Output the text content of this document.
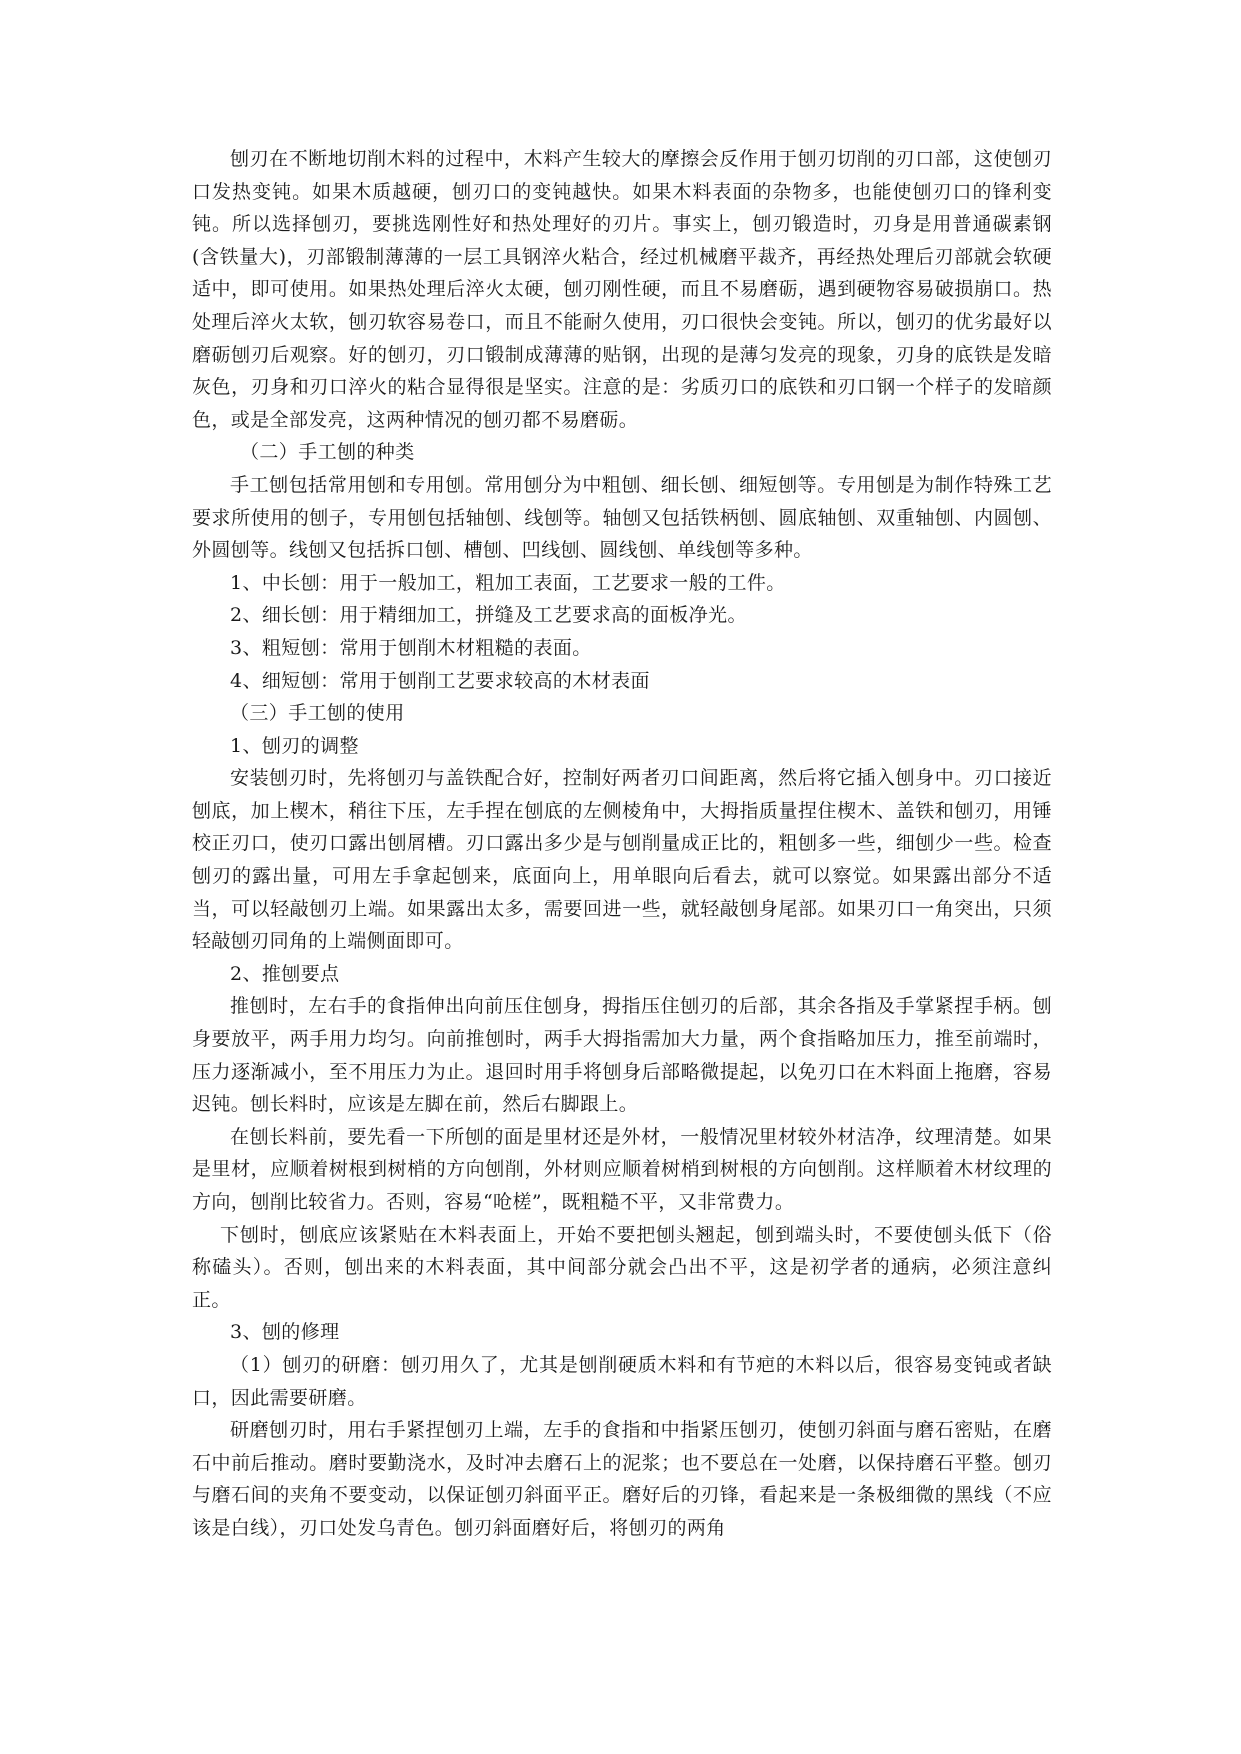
刨刃在不断地切削木料的过程中，木料产生较大的摩擦会反作用于刨刃切削的刃口部，这使刨刃口发热变钝。如果木质越硬，刨刃口的变钝越快。如果木料表面的杂物多，也能使刨刃口的锋利变钝。所以选择刨刃，要挑选刚性好和热处理好的刃片。事实上，刨刃锻造时，刃身是用普通碳素钢(含铁量大)，刃部锻制薄薄的一层工具钢淬火粘合，经过机械磨平裁齐，再经热处理后刃部就会软硬适中，即可使用。如果热处理后淬火太硬，刨刃刚性硬，而且不易磨砺，遇到硬物容易破损崩口。热处理后淬火太软，刨刃软容易卷口，而且不能耐久使用，刃口很快会变钝。所以，刨刃的优劣最好以磨砺刨刃后观察。好的刨刃，刃口锻制成薄薄的贴钢，出现的是薄匀发亮的现象，刃身的底铁是发暗灰色，刃身和刃口淬火的粘合显得很是坚实。注意的是：劣质刃口的底铁和刃口钢一个样子的发暗颜色，或是全部发亮，这两种情况的刨刃都不易磨砺。

（二）手工刨的种类

手工刨包括常用刨和专用刨。常用刨分为中粗刨、细长刨、细短刨等。专用刨是为制作特殊工艺要求所使用的刨子，专用刨包括轴刨、线刨等。轴刨又包括铁柄刨、圆底轴刨、双重轴刨、内圆刨、外圆刨等。线刨又包括拆口刨、槽刨、凹线刨、圆线刨、单线刨等多种。

1、中长刨：用于一般加工，粗加工表面，工艺要求一般的工件。

2、细长刨：用于精细加工，拼缝及工艺要求高的面板净光。

3、粗短刨：常用于刨削木材粗糙的表面。

4、细短刨：常用于刨削工艺要求较高的木材表面

（三）手工刨的使用

1、刨刃的调整

安装刨刃时，先将刨刃与盖铁配合好，控制好两者刃口间距离，然后将它插入刨身中。刃口接近刨底，加上楔木，稍往下压，左手捏在刨底的左侧棱角中，大拇指质量捏住楔木、盖铁和刨刃，用锤校正刃口，使刃口露出刨屑槽。刃口露出多少是与刨削量成正比的，粗刨多一些，细刨少一些。检查刨刃的露出量，可用左手拿起刨来，底面向上，用单眼向后看去，就可以察觉。如果露出部分不适当，可以轻敲刨刃上端。如果露出太多，需要回进一些，就轻敲刨身尾部。如果刃口一角突出，只须轻敲刨刃同角的上端侧面即可。

2、推刨要点

推刨时，左右手的食指伸出向前压住刨身，拇指压住刨刃的后部，其余各指及手掌紧捏手柄。刨身要放平，两手用力均匀。向前推刨时，两手大拇指需加大力量，两个食指略加压力，推至前端时，压力逐渐减小，至不用压力为止。退回时用手将刨身后部略微提起，以免刃口在木料面上拖磨，容易迟钝。刨长料时，应该是左脚在前，然后右脚跟上。

在刨长料前，要先看一下所刨的面是里材还是外材，一般情况里材较外材洁净，纹理清楚。如果是里材，应顺着树根到树梢的方向刨削，外材则应顺着树梢到树根的方向刨削。这样顺着木材纹理的方向，刨削比较省力。否则，容易“呛槎”，既粗糙不平，又非常费力。

下刨时，刨底应该紧贴在木料表面上，开始不要把刨头翘起，刨到端头时，不要使刨头低下（俗称磕头）。否则，刨出来的木料表面，其中间部分就会凸出不平，这是初学者的通病，必须注意纠正。

3、刨的修理

（1）刨刃的研磨：刨刃用久了，尤其是刨削硬质木料和有节疤的木料以后，很容易变钝或者缺口，因此需要研磨。

研磨刨刃时，用右手紧捏刨刃上端，左手的食指和中指紧压刨刃，使刨刃斜面与磨石密贴，在磨石中前后推动。磨时要勤浇水，及时冲去磨石上的泥浆；也不要总在一处磨，以保持磨石平整。刨刃与磨石间的夹角不要变动，以保证刨刃斜面平正。磨好后的刃锋，看起来是一条极细微的黑线（不应该是白线），刃口处发乌青色。刨刃斜面磨好后，将刨刃的两角
